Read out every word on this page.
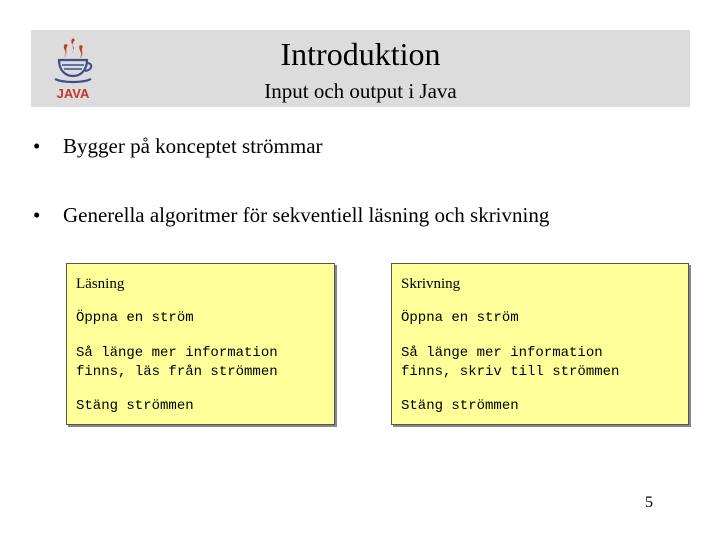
JAVA
Introduktion
Input och output i Java
• Bygger på konceptet strömmar
• Generella algoritmer för sekventiell läsning och skrivning
Läsning
Öppna en ström
Så länge mer information
finns, läs från strömmen
Stäng strömmen
Skrivning
Öppna en ström
Så länge mer information
finns, skriv till strömmen
Stäng strömmen
5
